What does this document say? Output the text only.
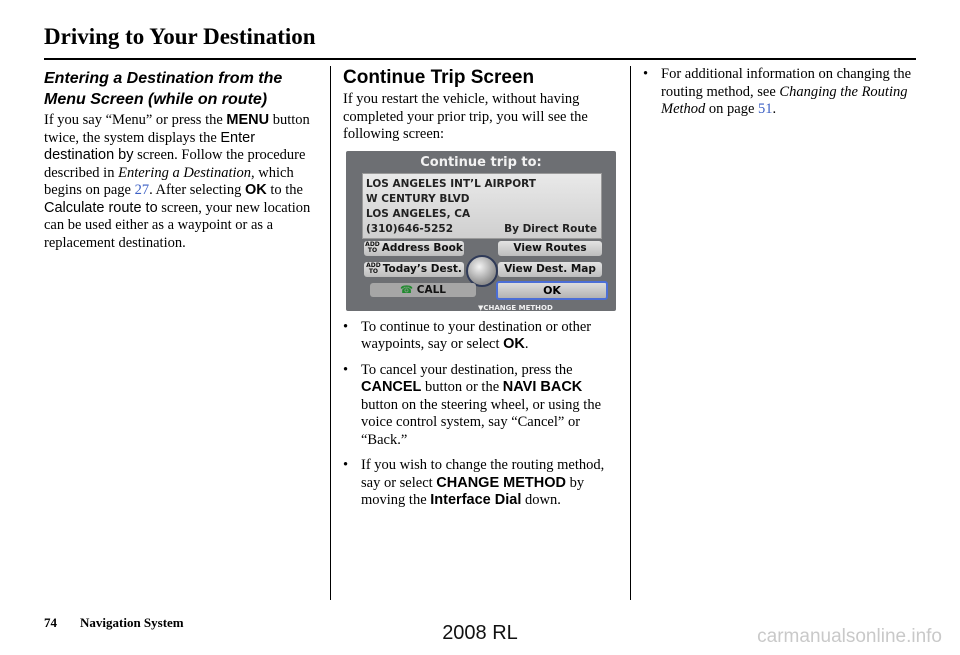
Driving to Your Destination
Entering a Destination from the Menu Screen (while on route)

If you say “Menu” or press the MENU button twice, the system displays the Enter destination by screen. Follow the procedure described in Entering a Destination, which begins on page 27. After selecting OK to the Calculate route to screen, your new location can be used either as a waypoint or as a replacement destination.

Continue Trip Screen

If you restart the vehicle, without having completed your prior trip, you will see the following screen:

Continue trip to:
LOS ANGELES INT’L AIRPORT
W CENTURY BLVD
LOS ANGELES, CA
(310)646-5252	By Direct Route
ADD
TO Address Book
ADD
TO Today’s Dest.
View Routes
View Dest. Map
☎ CALL	OK
▼CHANGE METHOD
• To continue to your destination or other waypoints, say or select OK.
• To cancel your destination, press the CANCEL button or the NAVI BACK button on the steering wheel, or using the voice control system, say “Cancel” or “Back.”
• If you wish to change the routing method, say or select CHANGE METHOD by moving the Interface Dial down.
• For additional information on changing the routing method, see Changing the Routing Method on page 51.
74 Navigation System	2008 RL	carmanualsonline.info
